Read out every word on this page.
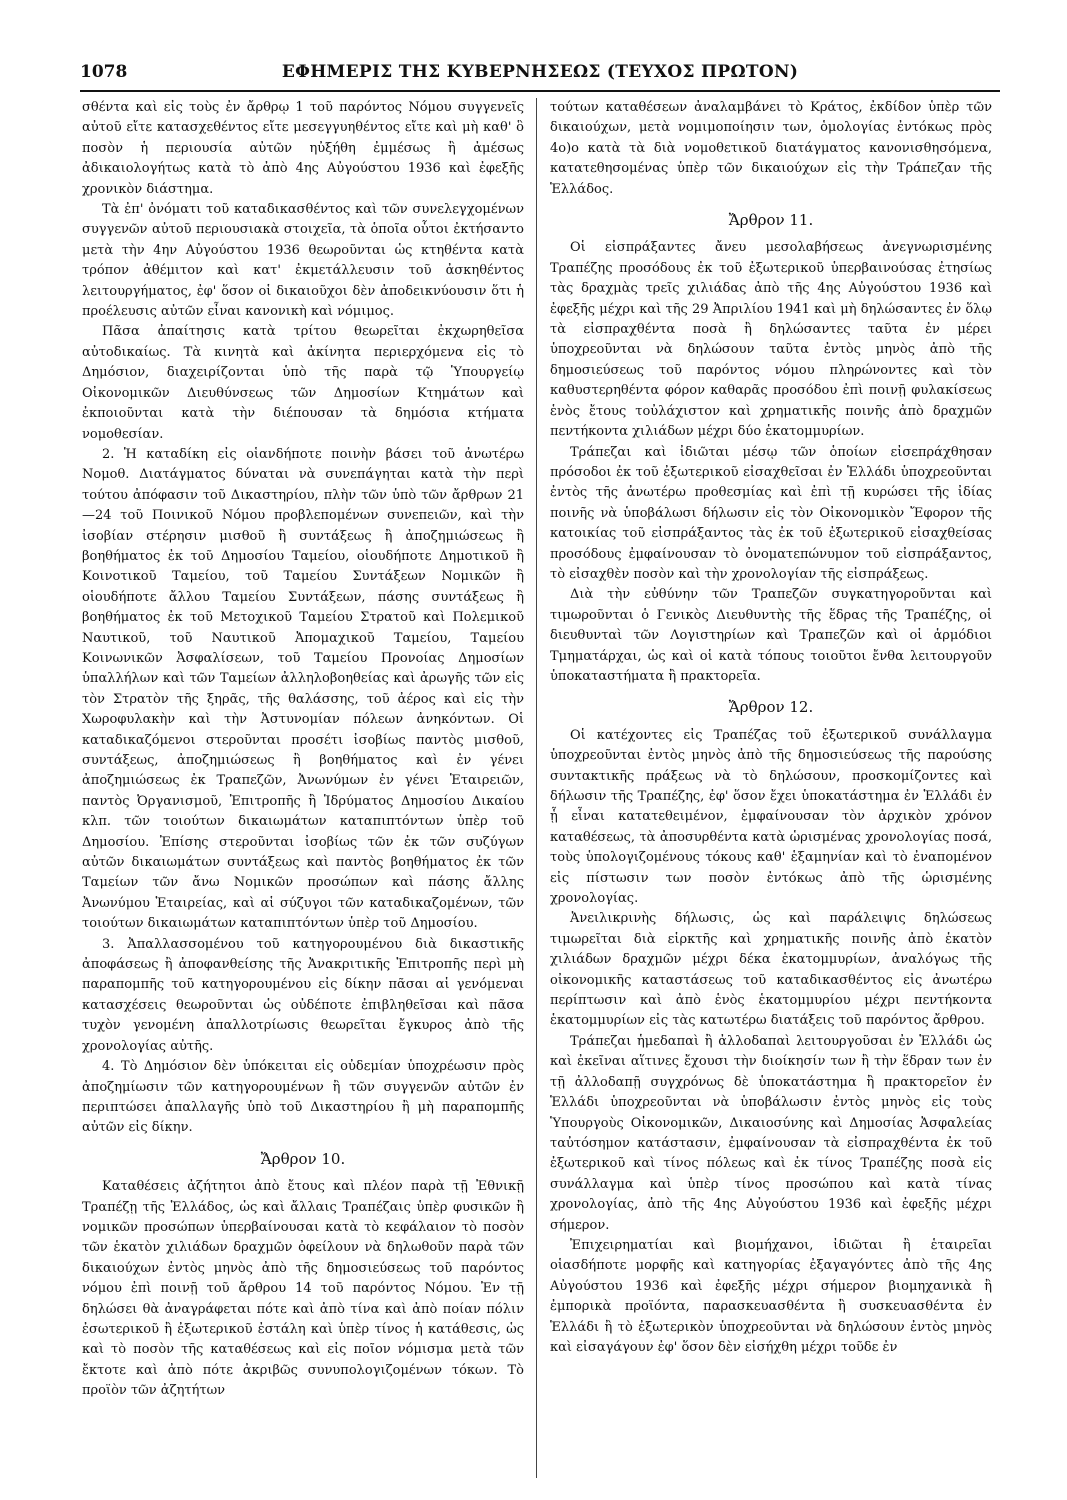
1078	ΕΦΗΜΕΡΙΣ ΤΗΣ ΚΥΒΕΡΝΗΣΕΩΣ (ΤΕΥΧΟΣ ΠΡΩΤΟΝ)

σθέντα καὶ εἰς τοὺς ἐν ἄρθρῳ 1 τοῦ παρόντος Νόμου συγγενεῖς αὐτοῦ εἴτε κατασχεθέντος εἴτε μεσεγγυηθέντος εἴτε καὶ μὴ καθ' ὃ ποσὸν ἡ περιουσία αὐτῶν ηὐξήθη ἐμμέσως ἢ ἀμέσως ἀδικαιολογήτως κατὰ τὸ ἀπὸ 4ης Αὐγούστου 1936 καὶ ἐφεξῆς χρονικὸν διάστημα.

Τὰ ἐπ' ὀνόματι τοῦ καταδικασθέντος καὶ τῶν συνελεγχομένων συγγενῶν αὐτοῦ περιουσιακὰ στοιχεῖα, τὰ ὁποῖα οὗτοι ἐκτήσαντο μετὰ τὴν 4ην Αὐγούστου 1936 θεωροῦνται ὡς κτηθέντα κατὰ τρόπον ἀθέμιτον καὶ κατ' ἐκμετάλλευσιν τοῦ ἀσκηθέντος λειτουργήματος, ἐφ' ὅσον οἱ δικαιοῦχοι δὲν ἀποδεικνύουσιν ὅτι ἡ προέλευσις αὐτῶν εἶναι κανονικὴ καὶ νόμιμος.

Πᾶσα ἀπαίτησις κατὰ τρίτου θεωρεῖται ἐκχωρηθεῖσα αὐτοδικαίως. Τὰ κινητὰ καὶ ἀκίνητα περιερχόμενα εἰς τὸ Δημόσιον, διαχειρίζονται ὑπὸ τῆς παρὰ τῷ Ὑπουργείῳ Οἰκονομικῶν Διευθύνσεως τῶν Δημοσίων Κτημάτων καὶ ἐκποιοῦνται κατὰ τὴν διέπουσαν τὰ δημόσια κτήματα νομοθεσίαν.

2. Ἡ καταδίκη εἰς οἱανδήποτε ποινὴν βάσει τοῦ ἀνωτέρω Νομοθ. Διατάγματος δύναται νὰ συνεπάγηται κατὰ τὴν περὶ τούτου ἀπόφασιν τοῦ Δικαστηρίου, πλὴν τῶν ὑπὸ τῶν ἄρθρων 21—24 τοῦ Ποινικοῦ Νόμου προβλεπομένων συνεπειῶν, καὶ τὴν ἰσοβίαν στέρησιν μισθοῦ ἢ συντάξεως ἢ ἀποζημιώσεως ἢ βοηθήματος ἐκ τοῦ Δημοσίου Ταμείου, οἱουδήποτε Δημοτικοῦ ἢ Κοινοτικοῦ Ταμείου, τοῦ Ταμείου Συντάξεων Νομικῶν ἢ οἱουδήποτε ἄλλου Ταμείου Συντάξεων, πάσης συντάξεως ἢ βοηθήματος ἐκ τοῦ Μετοχικοῦ Ταμείου Στρατοῦ καὶ Πολεμικοῦ Ναυτικοῦ, τοῦ Ναυτικοῦ Ἀπομαχικοῦ Ταμείου, Ταμείου Κοινωνικῶν Ἀσφαλίσεων, τοῦ Ταμείου Προνοίας Δημοσίων ὑπαλλήλων καὶ τῶν Ταμείων ἀλληλοβοηθείας καὶ ἀρωγῆς τῶν εἰς τὸν Στρατὸν τῆς ξηρᾶς, τῆς θαλάσσης, τοῦ ἀέρος καὶ εἰς τὴν Χωροφυλακὴν καὶ τὴν Ἀστυνομίαν πόλεων ἀνηκόντων. Οἱ καταδικαζόμενοι στεροῦνται προσέτι ἰσοβίως παντὸς μισθοῦ, συντάξεως, ἀποζημιώσεως ἢ βοηθήματος καὶ ἐν γένει ἀποζημιώσεως ἐκ Τραπεζῶν, Ἀνωνύμων ἐν γένει Ἑταιρειῶν, παντὸς Ὀργανισμοῦ, Ἐπιτροπῆς ἢ Ἱδρύματος Δημοσίου Δικαίου κλπ. τῶν τοιούτων δικαιωμάτων καταπιπτόντων ὑπὲρ τοῦ Δημοσίου. Ἐπίσης στεροῦνται ἰσοβίως τῶν ἐκ τῶν συζύγων αὐτῶν δικαιωμάτων συντάξεως καὶ παντὸς βοηθήματος ἐκ τῶν Ταμείων τῶν ἄνω Νομικῶν προσώπων καὶ πάσης ἄλλης Ἀνωνύμου Ἑταιρείας, καὶ αἱ σύζυγοι τῶν καταδικαζομένων, τῶν τοιούτων δικαιωμάτων καταπιπτόντων ὑπὲρ τοῦ Δημοσίου.

3. Ἀπαλλασσομένου τοῦ κατηγορουμένου διὰ δικαστικῆς ἀποφάσεως ἢ ἀποφανθείσης τῆς Ἀνακριτικῆς Ἐπιτροπῆς περὶ μὴ παραπομπῆς τοῦ κατηγορουμένου εἰς δίκην πᾶσαι αἱ γενόμεναι κατασχέσεις θεωροῦνται ὡς οὐδέποτε ἐπιβληθεῖσαι καὶ πᾶσα τυχὸν γενομένη ἀπαλλοτρίωσις θεωρεῖται ἔγκυρος ἀπὸ τῆς χρονολογίας αὐτῆς.

4. Τὸ Δημόσιον δὲν ὑπόκειται εἰς οὐδεμίαν ὑποχρέωσιν πρὸς ἀποζημίωσιν τῶν κατηγορουμένων ἢ τῶν συγγενῶν αὐτῶν ἐν περιπτώσει ἀπαλλαγῆς ὑπὸ τοῦ Δικαστηρίου ἢ μὴ παραπομπῆς αὐτῶν εἰς δίκην.

Ἄρθρον 10.

Καταθέσεις ἀζήτητοι ἀπὸ ἔτους καὶ πλέον παρὰ τῇ Ἐθνικῇ Τραπέζῃ τῆς Ἑλλάδος, ὡς καὶ ἄλλαις Τραπέζαις ὑπὲρ φυσικῶν ἢ νομικῶν προσώπων ὑπερβαίνουσαι κατὰ τὸ κεφάλαιον τὸ ποσὸν τῶν ἑκατὸν χιλιάδων δραχμῶν ὀφείλουν νὰ δηλωθοῦν παρὰ τῶν δικαιούχων ἐντὸς μηνὸς ἀπὸ τῆς δημοσιεύσεως τοῦ παρόντος νόμου ἐπὶ ποινῇ τοῦ ἄρθρου 14 τοῦ παρόντος Νόμου. Ἐν τῇ δηλώσει θὰ ἀναγράφεται πότε καὶ ἀπὸ τίνα καὶ ἀπὸ ποίαν πόλιν ἐσωτερικοῦ ἢ ἐξωτερικοῦ ἐστάλη καὶ ὑπὲρ τίνος ἡ κατάθεσις, ὡς καὶ τὸ ποσὸν τῆς καταθέσεως καὶ εἰς ποῖον νόμισμα μετὰ τῶν ἔκτοτε καὶ ἀπὸ πότε ἀκριβῶς συνυπολογιζομένων τόκων. Τὸ προϊὸν τῶν ἀζητήτων

τούτων καταθέσεων ἀναλαμβάνει τὸ Κράτος, ἐκδίδον ὑπὲρ τῶν δικαιούχων, μετὰ νομιμοποίησιν των, ὁμολογίας ἐντόκως πρὸς 4ο)ο κατὰ τὰ διὰ νομοθετικοῦ διατάγματος κανονισθησόμενα, κατατεθησομένας ὑπὲρ τῶν δικαιούχων εἰς τὴν Τράπεζαν τῆς Ἑλλάδος.

Ἄρθρον 11.

Οἱ εἰσπράξαντες ἄνευ μεσολαβήσεως ἀνεγνωρισμένης Τραπέζης προσόδους ἐκ τοῦ ἐξωτερικοῦ ὑπερβαινούσας ἐτησίως τὰς δραχμὰς τρεῖς χιλιάδας ἀπὸ τῆς 4ης Αὐγούστου 1936 καὶ ἐφεξῆς μέχρι καὶ τῆς 29 Ἀπριλίου 1941 καὶ μὴ δηλώσαντες ἐν ὅλῳ τὰ εἰσπραχθέντα ποσὰ ἢ δηλώσαντες ταῦτα ἐν μέρει ὑποχρεοῦνται νὰ δηλώσουν ταῦτα ἐντὸς μηνὸς ἀπὸ τῆς δημοσιεύσεως τοῦ παρόντος νόμου πληρώνοντες καὶ τὸν καθυστερηθέντα φόρον καθαρᾶς προσόδου ἐπὶ ποινῇ φυλακίσεως ἑνὸς ἔτους τοὐλάχιστον καὶ χρηματικῆς ποινῆς ἀπὸ δραχμῶν πεντήκοντα χιλιάδων μέχρι δύο ἑκατομμυρίων.

Τράπεζαι καὶ ἰδιῶται μέσῳ τῶν ὁποίων εἰσεπράχθησαν πρόσοδοι ἐκ τοῦ ἐξωτερικοῦ εἰσαχθεῖσαι ἐν Ἑλλάδι ὑποχρεοῦνται ἐντὸς τῆς ἀνωτέρω προθεσμίας καὶ ἐπὶ τῇ κυρώσει τῆς ἰδίας ποινῆς νὰ ὑποβάλωσι δήλωσιν εἰς τὸν Οἰκονομικὸν Ἔφορον τῆς κατοικίας τοῦ εἰσπράξαντος τὰς ἐκ τοῦ ἐξωτερικοῦ εἰσαχθείσας προσόδους ἐμφαίνουσαν τὸ ὀνοματεπώνυμον τοῦ εἰσπράξαντος, τὸ εἰσαχθὲν ποσὸν καὶ τὴν χρονολογίαν τῆς εἰσπράξεως.

Διὰ τὴν εὐθύνην τῶν Τραπεζῶν συγκατηγοροῦνται καὶ τιμωροῦνται ὁ Γενικὸς Διευθυντὴς τῆς ἕδρας τῆς Τραπέζης, οἱ διευθυνταὶ τῶν Λογιστηρίων καὶ Τραπεζῶν καὶ οἱ ἁρμόδιοι Τμηματάρχαι, ὡς καὶ οἱ κατὰ τόπους τοιοῦτοι ἔνθα λειτουργοῦν ὑποκαταστήματα ἢ πρακτορεῖα.

Ἄρθρον 12.

Οἱ κατέχοντες εἰς Τραπέζας τοῦ ἐξωτερικοῦ συνάλλαγμα ὑποχρεοῦνται ἐντὸς μηνὸς ἀπὸ τῆς δημοσιεύσεως τῆς παρούσης συντακτικῆς πράξεως νὰ τὸ δηλώσουν, προσκομίζοντες καὶ δήλωσιν τῆς Τραπέζης, ἐφ' ὅσον ἔχει ὑποκατάστημα ἐν Ἑλλάδι ἐν ᾗ εἶναι κατατεθειμένον, ἐμφαίνουσαν τὸν ἀρχικὸν χρόνον καταθέσεως, τὰ ἀποσυρθέντα κατὰ ὡρισμένας χρονολογίας ποσά, τοὺς ὑπολογιζομένους τόκους καθ' ἑξαμηνίαν καὶ τὸ ἐναπομένον εἰς πίστωσιν των ποσὸν ἐντόκως ἀπὸ τῆς ὡρισμένης χρονολογίας.

Ἀνειλικρινὴς δήλωσις, ὡς καὶ παράλειψις δηλώσεως τιμωρεῖται διὰ εἱρκτῆς καὶ χρηματικῆς ποινῆς ἀπὸ ἑκατὸν χιλιάδων δραχμῶν μέχρι δέκα ἑκατομμυρίων, ἀναλόγως τῆς οἰκονομικῆς καταστάσεως τοῦ καταδικασθέντος εἰς ἀνωτέρω περίπτωσιν καὶ ἀπὸ ἑνὸς ἑκατομμυρίου μέχρι πεντήκοντα ἑκατομμυρίων εἰς τὰς κατωτέρω διατάξεις τοῦ παρόντος ἄρθρου.

Τράπεζαι ἡμεδαπαὶ ἢ ἀλλοδαπαὶ λειτουργοῦσαι ἐν Ἑλλάδι ὡς καὶ ἐκεῖναι αἵτινες ἔχουσι τὴν διοίκησίν των ἢ τὴν ἕδραν των ἐν τῇ ἀλλοδαπῇ συγχρόνως δὲ ὑποκατάστημα ἢ πρακτορεῖον ἐν Ἑλλάδι ὑποχρεοῦνται νὰ ὑποβάλωσιν ἐντὸς μηνὸς εἰς τοὺς Ὑπουργοὺς Οἰκονομικῶν, Δικαιοσύνης καὶ Δημοσίας Ἀσφαλείας ταὐτόσημον κατάστασιν, ἐμφαίνουσαν τὰ εἰσπραχθέντα ἐκ τοῦ ἐξωτερικοῦ καὶ τίνος πόλεως καὶ ἐκ τίνος Τραπέζης ποσὰ εἰς συνάλλαγμα καὶ ὑπὲρ τίνος προσώπου καὶ κατὰ τίνας χρονολογίας, ἀπὸ τῆς 4ης Αὐγούστου 1936 καὶ ἐφεξῆς μέχρι σήμερον.

Ἐπιχειρηματίαι καὶ βιομήχανοι, ἰδιῶται ἢ ἑταιρεῖαι οἱασδήποτε μορφῆς καὶ κατηγορίας ἐξαγαγόντες ἀπὸ τῆς 4ης Αὐγούστου 1936 καὶ ἐφεξῆς μέχρι σήμερον βιομηχανικὰ ἢ ἐμπορικὰ προϊόντα, παρασκευασθέντα ἢ συσκευασθέντα ἐν Ἑλλάδι ἢ τὸ ἐξωτερικὸν ὑποχρεοῦνται νὰ δηλώσουν ἐντὸς μηνὸς καὶ εἰσαγάγουν ἐφ' ὅσον δὲν εἰσήχθη μέχρι τοῦδε ἐν
